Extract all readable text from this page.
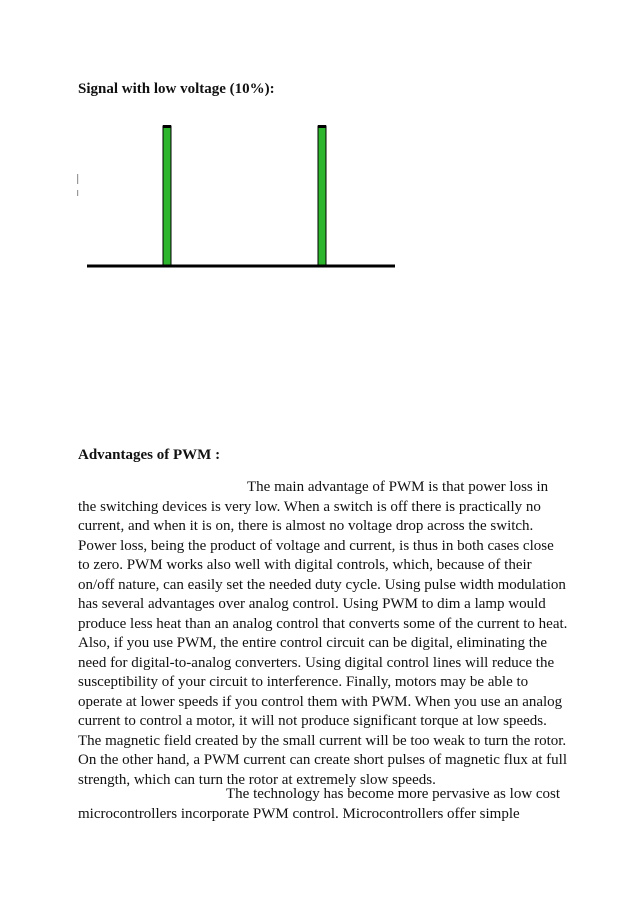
Signal with low voltage (10%):
Advantages of PWM :

The main advantage of PWM is that power loss in the switching devices is very low. When a switch is off there is practically no current, and when it is on, there is almost no voltage drop across the switch. Power loss, being the product of voltage and current, is thus in both cases close to zero. PWM works also well with digital controls, which, because of their on/off nature, can easily set the needed duty cycle. Using pulse width modulation has several advantages over analog control. Using PWM to dim a lamp would produce less heat than an analog control that converts some of the current to heat. Also, if you use PWM, the entire control circuit can be digital, eliminating the need for digital-to-analog converters. Using digital control lines will reduce the susceptibility of your circuit to interference. Finally, motors may be able to operate at lower speeds if you control them with PWM. When you use an analog current to control a motor, it will not produce significant torque at low speeds. The magnetic field created by the small current will be too weak to turn the rotor. On the other hand, a PWM current can create short pulses of magnetic flux at full strength, which can turn the rotor at extremely slow speeds.

The technology has become more pervasive as low cost microcontrollers incorporate PWM control. Microcontrollers offer simple
